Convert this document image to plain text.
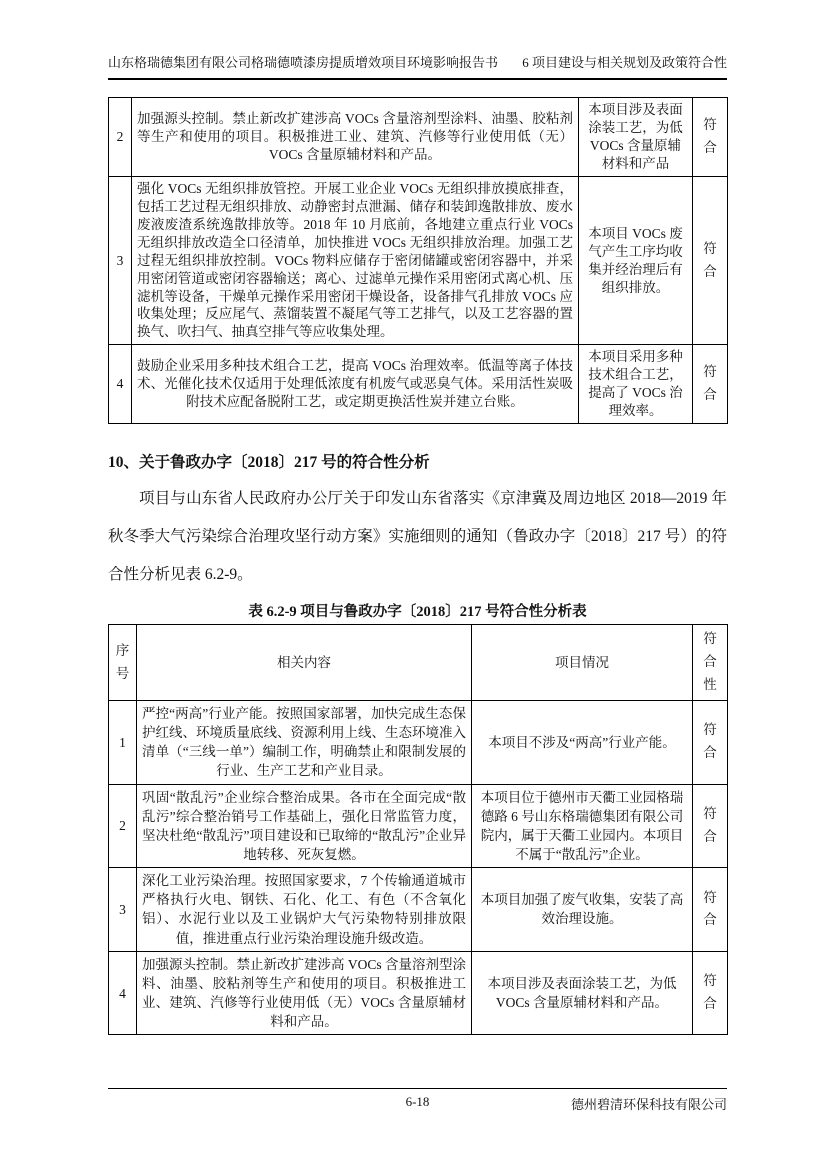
山东格瑞德集团有限公司格瑞德喷漆房提质增效项目环境影响报告书 6 项目建设与相关规划及政策符合性
2	加强源头控制。禁止新改扩建涉高 VOCs 含量溶剂型涂料、油墨、胶粘剂等生产和使用的项目。积极推进工业、建筑、汽修等行业使用低（无）VOCs 含量原辅材料和产品。	本项目涉及表面涂装工艺，为低 VOCs 含量原辅材料和产品	符合
3	强化 VOCs 无组织排放管控。开展工业企业 VOCs 无组织排放摸底排查，包括工艺过程无组织排放、动静密封点泄漏、储存和装卸逸散排放、废水废液废渣系统逸散排放等。2018 年 10 月底前，各地建立重点行业 VOCs 无组织排放改造全口径清单，加快推进 VOCs 无组织排放治理。加强工艺过程无组织排放控制。VOCs 物料应储存于密闭储罐或密闭容器中，并采用密闭管道或密闭容器输送；离心、过滤单元操作采用密闭式离心机、压滤机等设备，干燥单元操作采用密闭干燥设备，设备排气孔排放 VOCs 应收集处理；反应尾气、蒸馏装置不凝尾气等工艺排气，以及工艺容器的置换气、吹扫气、抽真空排气等应收集处理。	本项目 VOCs 废气产生工序均收集并经治理后有组织排放。	符合
4	鼓励企业采用多种技术组合工艺，提高 VOCs 治理效率。低温等离子体技术、光催化技术仅适用于处理低浓度有机废气或恶臭气体。采用活性炭吸附技术应配备脱附工艺，或定期更换活性炭并建立台账。	本项目采用多种技术组合工艺，提高了 VOCs 治理效率。	符合
10、关于鲁政办字〔2018〕217 号的符合性分析

项目与山东省人民政府办公厅关于印发山东省落实《京津冀及周边地区 2018—2019 年秋冬季大气污染综合治理攻坚行动方案》实施细则的通知（鲁政办字〔2018〕217 号）的符合性分析见表 6.2-9。

表 6.2-9 项目与鲁政办字〔2018〕217 号符合性分析表
序号	相关内容	项目情况	符合性
1	严控“两高”行业产能。按照国家部署，加快完成生态保护红线、环境质量底线、资源利用上线、生态环境准入清单（“三线一单”）编制工作，明确禁止和限制发展的行业、生产工艺和产业目录。	本项目不涉及“两高”行业产能。	符合
2	巩固“散乱污”企业综合整治成果。各市在全面完成“散乱污”综合整治销号工作基础上，强化日常监管力度，坚决杜绝“散乱污”项目建设和已取缔的“散乱污”企业异地转移、死灰复燃。	本项目位于德州市天衢工业园格瑞德路 6 号山东格瑞德集团有限公司院内，属于天衢工业园内。本项目不属于“散乱污”企业。	符合
3	深化工业污染治理。按照国家要求，7 个传输通道城市严格执行火电、钢铁、石化、化工、有色（不含氧化铝）、水泥行业以及工业锅炉大气污染物特别排放限值，推进重点行业污染治理设施升级改造。	本项目加强了废气收集，安装了高效治理设施。	符合
4	加强源头控制。禁止新改扩建涉高 VOCs 含量溶剂型涂料、油墨、胶粘剂等生产和使用的项目。积极推进工业、建筑、汽修等行业使用低（无）VOCs 含量原辅材料和产品。	本项目涉及表面涂装工艺，为低 VOCs 含量原辅材料和产品。	符合
6-18	德州碧清环保科技有限公司
